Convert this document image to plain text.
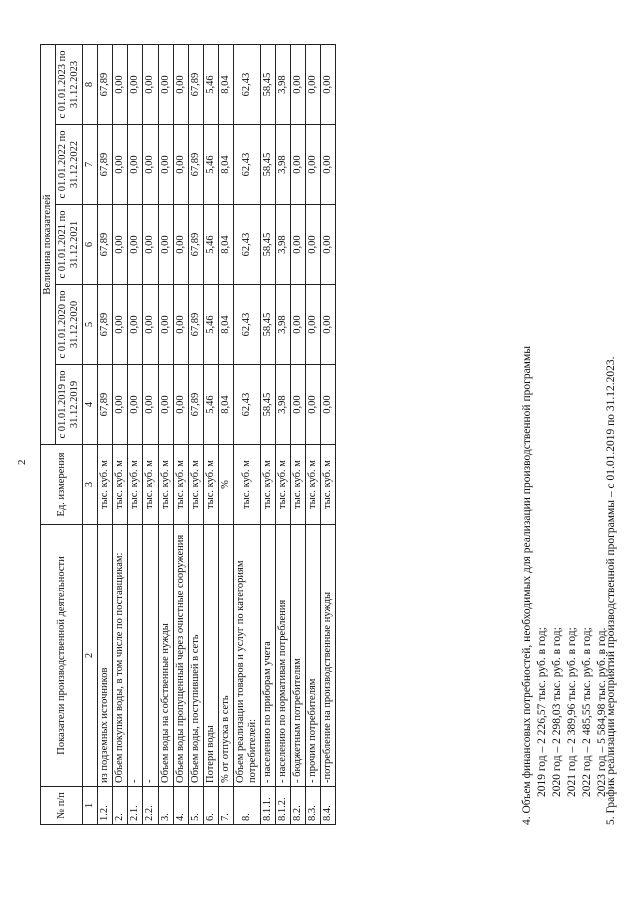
2
№ п/п	Показатели производственной деятельности	Ед. измерения	Величина показателей				
			с 01.01.2019 по 31.12.2019	с 01.01.2020 по 31.12.2020	с 01.01.2021 по 31.12.2021	с 01.01.2022 по 31.12.2022	с 01.01.2023 по 31.12.2023
1	2	3	4	5	6	7	8
1.2.	из подземных источников	тыс. куб. м	67,89	67,89	67,89	67,89	67,89
2.	Объем покупки воды, в том числе по поставщикам:	тыс. куб. м	0,00	0,00	0,00	0,00	0,00
2.1.	-	тыс. куб. м	0,00	0,00	0,00	0,00	0,00
2.2.	-	тыс. куб. м	0,00	0,00	0,00	0,00	0,00
3.	Объем воды на собственные нужды	тыс. куб. м	0,00	0,00	0,00	0,00	0,00
4.	Объем воды пропущенный через очистные сооружения	тыс. куб. м	0,00	0,00	0,00	0,00	0,00
5.	Объем воды, поступившей в сеть	тыс. куб. м	67,89	67,89	67,89	67,89	67,89
6.	Потери воды	тыс. куб. м	5,46	5,46	5,46	5,46	5,46
7.	% от отпуска в сеть	%	8,04	8,04	8,04	8,04	8,04
8.	Объем реализации товаров и услуг по категориям потребителей:	тыс. куб. м	62,43	62,43	62,43	62,43	62,43
8.1.1.	- населению по приборам учета	тыс. куб. м	58,45	58,45	58,45	58,45	58,45
8.1.2.	- населению по нормативам потребления	тыс. куб. м	3,98	3,98	3,98	3,98	3,98
8.2.	- бюджетным потребителям	тыс. куб. м	0,00	0,00	0,00	0,00	0,00
8.3.	- прочим потребителям	тыс. куб. м	0,00	0,00	0,00	0,00	0,00
8.4.	-потребление на производственные нужды	тыс. куб. м	0,00	0,00	0,00	0,00	0,00
4. Объем финансовых потребностей, необходимых для реализации производственной программы 2019 год – 2 226,57 тыс. руб. в год; 2020 год – 2 298,03 тыс. руб. в год; 2021 год – 2 389,96 тыс. руб. в год; 2022 год – 2 485,55 тыс. руб. в год; 2023 год – 5 584,98 тыс. руб. в год.
5. График реализации мероприятий производственной программы – с 01.01.2019 по 31.12.2023.
